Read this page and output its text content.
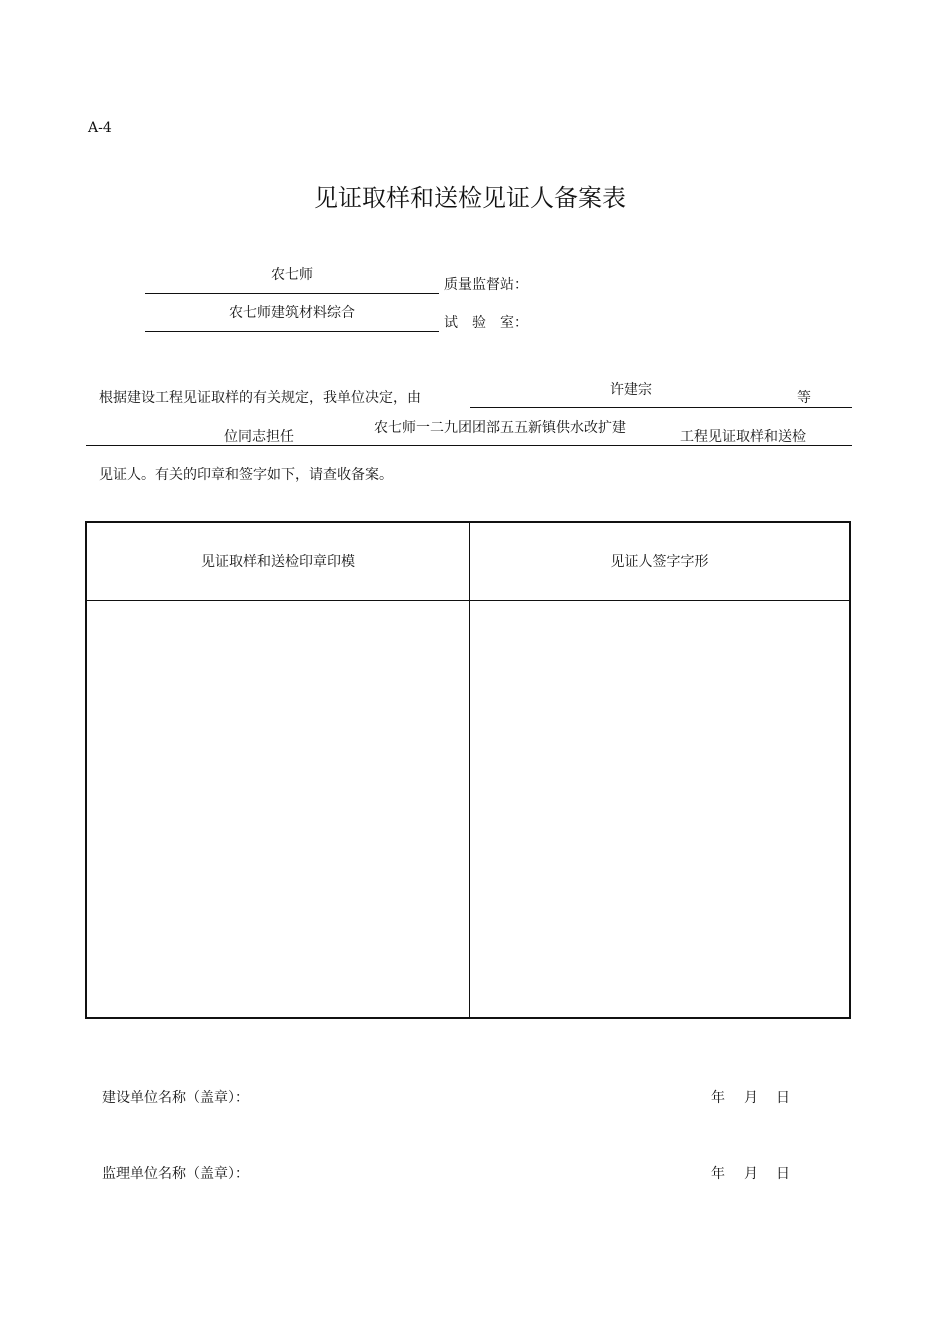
A-4
见证取样和送检见证人备案表
农七师
质量监督站：
农七师建筑材料综合
试　验　室：
根据建设工程见证取样的有关规定，我单位决定，由	许建宗	等
位同志担任
农七师一二九团团部五五新镇供水改扩建
工程见证取样和送检
见证人。有关的印章和签字如下，请查收备案。
见证取样和送检印章印模	见证人签字字形
建设单位名称（盖章）：	年 月 日
监理单位名称（盖章）：	年 月 日
